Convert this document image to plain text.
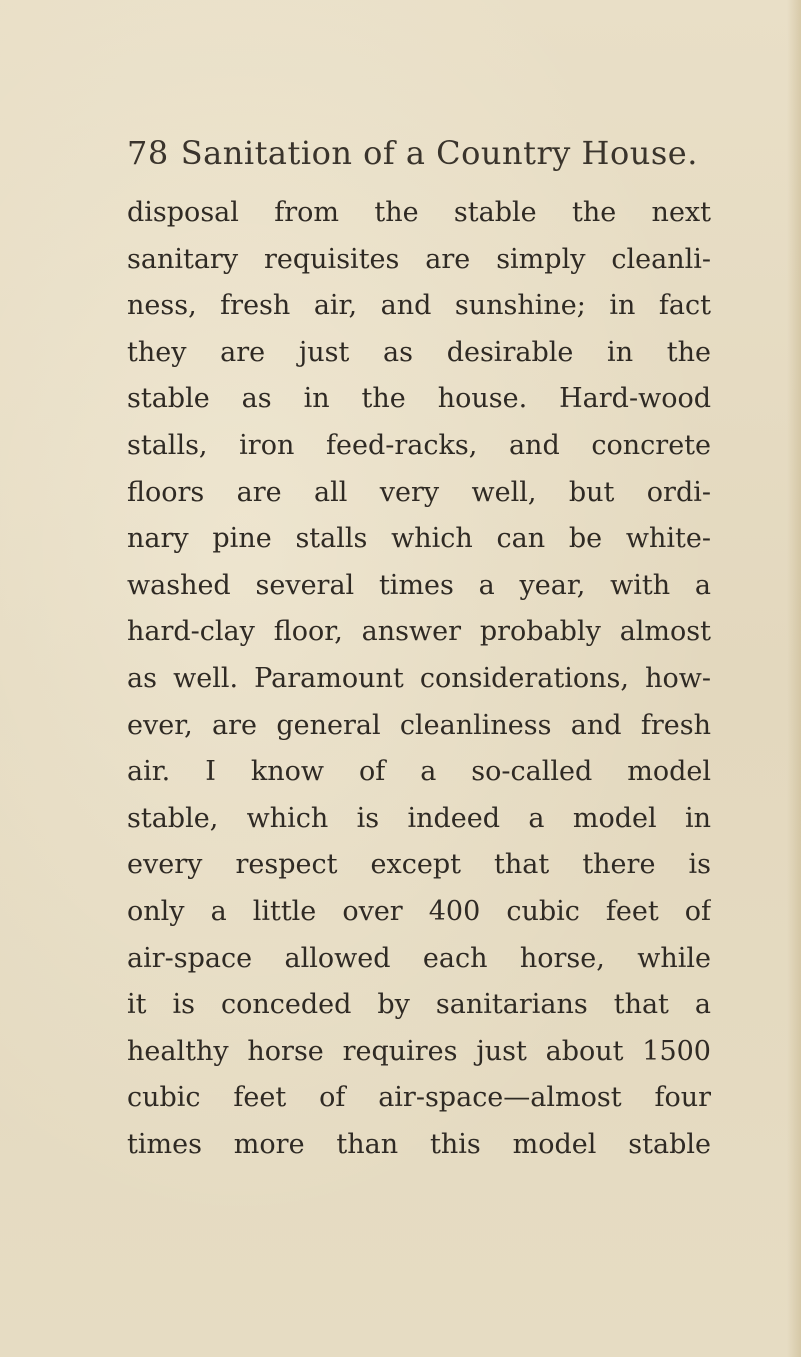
78 Sanitation of a Country House.
disposal from the stable the next
sanitary requisites are simply cleanli-
ness, fresh air, and sunshine; in fact
they are just as desirable in the
stable as in the house. Hard-wood
stalls, iron feed-racks, and concrete
floors are all very well, but ordi-
nary pine stalls which can be white-
washed several times a year, with a
hard-clay floor, answer probably almost
as well. Paramount considerations, how-
ever, are general cleanliness and fresh
air. I know of a so-called model
stable, which is indeed a model in
every respect except that there is
only a little over 400 cubic feet of
air-space allowed each horse, while
it is conceded by sanitarians that a
healthy horse requires just about 1500
cubic feet of air-space—almost four
times more than this model stable
